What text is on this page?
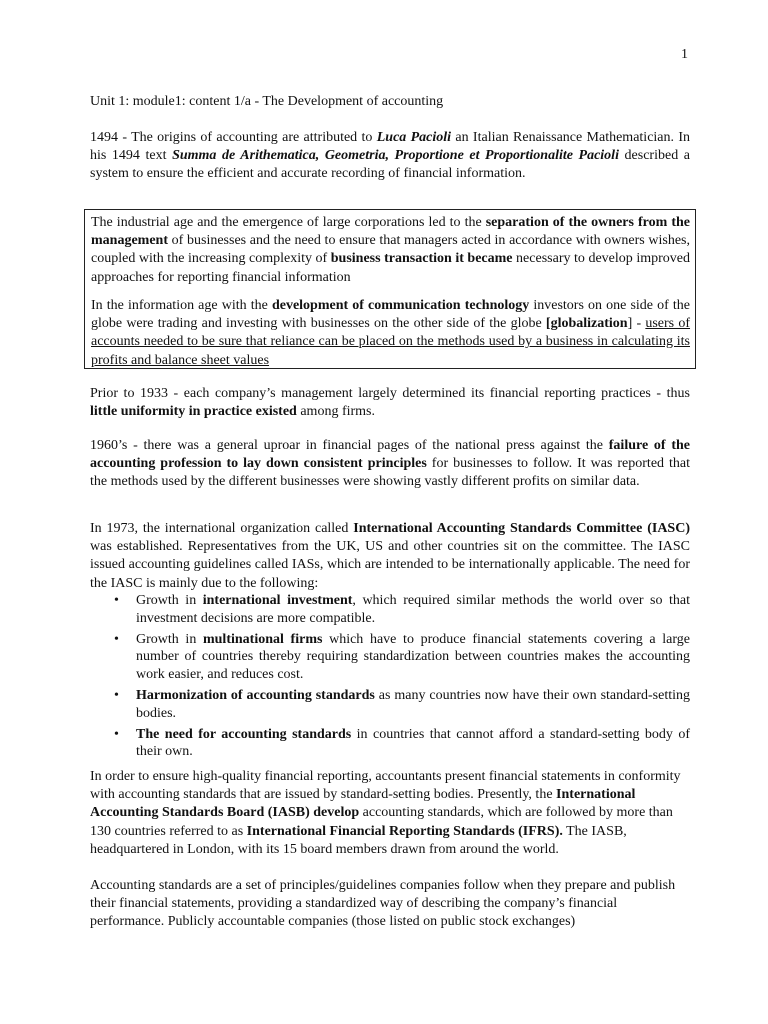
1
Unit 1: module1: content 1/a - The Development of accounting
1494 - The origins of accounting are attributed to Luca Pacioli an Italian Renaissance Mathematician. In his 1494 text Summa de Arithematica, Geometria, Proportione et Proportionalite Pacioli described a system to ensure the efficient and accurate recording of financial information.
The industrial age and the emergence of large corporations led to the separation of the owners from the management of businesses and the need to ensure that managers acted in accordance with owners wishes, coupled with the increasing complexity of business transaction it became necessary to develop improved approaches for reporting financial information
In the information age with the development of communication technology investors on one side of the globe were trading and investing with businesses on the other side of the globe [globalization] - users of accounts needed to be sure that reliance can be placed on the methods used by a business in calculating its profits and balance sheet values
Prior to 1933 - each company’s management largely determined its financial reporting practices - thus little uniformity in practice existed among firms.
1960’s - there was a general uproar in financial pages of the national press against the failure of the accounting profession to lay down consistent principles for businesses to follow. It was reported that the methods used by the different businesses were showing vastly different profits on similar data.
In 1973, the international organization called International Accounting Standards Committee (IASC) was established. Representatives from the UK, US and other countries sit on the committee. The IASC issued accounting guidelines called IASs, which are intended to be internationally applicable. The need for the IASC is mainly due to the following:
• Growth in international investment, which required similar methods the world over so that investment decisions are more compatible.
• Growth in multinational firms which have to produce financial statements covering a large number of countries thereby requiring standardization between countries makes the accounting work easier, and reduces cost.
• Harmonization of accounting standards as many countries now have their own standard-setting bodies.
• The need for accounting standards in countries that cannot afford a standard-setting body of their own.
In order to ensure high-quality financial reporting, accountants present financial statements in conformity with accounting standards that are issued by standard-setting bodies. Presently, the International Accounting Standards Board (IASB) develop accounting standards, which are followed by more than 130 countries referred to as International Financial Reporting Standards (IFRS). The IASB, headquartered in London, with its 15 board members drawn from around the world.
Accounting standards are a set of principles/guidelines companies follow when they prepare and publish their financial statements, providing a standardized way of describing the company’s financial performance. Publicly accountable companies (those listed on public stock exchanges)
